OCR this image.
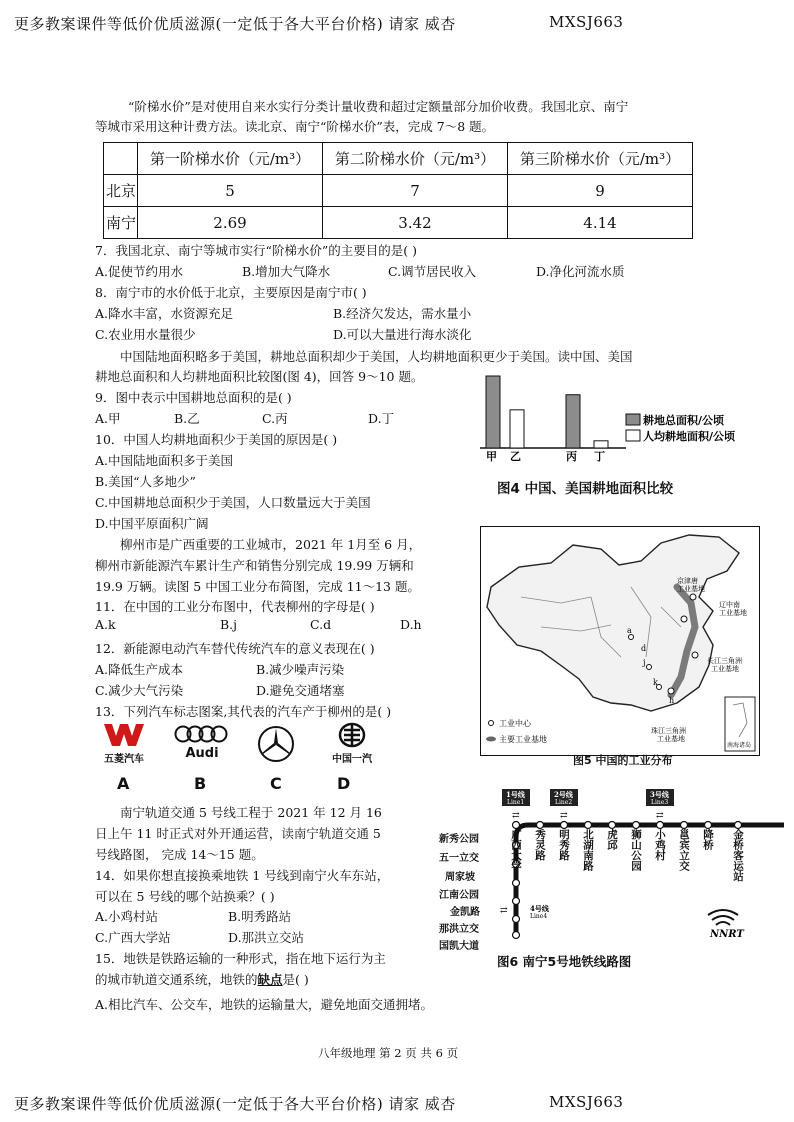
更多教案课件等低价优质滋源(一定低于各大平台价格) 请家 威杏	MXSJ663
“阶梯水价”是对使用自来水实行分类计量收费和超过定额量部分加价收费。我国北京、南宁
等城市采用这种计费方法。读北京、南宁“阶梯水价”表，完成 7～8 题。
	第一阶梯水价（元/m³）	第二阶梯水价（元/m³）	第三阶梯水价（元/m³）
北京	5	7	9
南宁	2.69	3.42	4.14
7．我国北京、南宁等城市实行“阶梯水价”的主要目的是( )
A.促使节约用水	B.增加大气降水	C.调节居民收入	D.净化河流水质
8．南宁市的水价低于北京，主要原因是南宁市( )
A.降水丰富，水资源充足	B.经济欠发达，需水量小
C.农业用水量很少	D.可以大量进行海水淡化
中国陆地面积略多于美国，耕地总面积却少于美国，人均耕地面积更少于美国。读中国、美国
耕地总面积和人均耕地面积比较图(图 4)，回答 9～10 题。
9．图中表示中国耕地总面积的是( )
A.甲	B.乙	C.丙	D.丁
10．中国人均耕地面积少于美国的原因是( )
A.中国陆地面积多于美国
B.美国“人多地少”
C.中国耕地总面积少于美国，人口数量远大于美国
D.中国平原面积广阔
甲 乙	丙 丁
耕地总面积/公顷
人均耕地面积/公顷
图4 中国、美国耕地面积比较
柳州市是广西重要的工业城市，2021 年 1月至 6 月，
柳州市新能源汽车累计生产和销售分别完成 19.99 万辆和
19.9 万辆。读图 5 中国工业分布简图，完成 11～13 题。
11．在中国的工业分布图中，代表柳州的字母是( )
A.k	B.j	C.d	D.h
12．新能源电动汽车替代传统汽车的意义表现在( )
A.降低生产成本	B.减少噪声污染
C.减少大气污染	D.避免交通堵塞
13．下列汽车标志图案,其代表的汽车产于柳州的是( )
五菱汽车	Audi	中国一汽
A	B	C	D
a
d
j
k
h
京津唐
工业基地
辽中南
工业基地
长江三角洲
工业基地
珠江三角洲
工业基地
南海诸岛
工业中心
主要工业基地
图5 中国的工业分布
南宁轨道交通 5 号线工程于 2021 年 12 月 16
日上午 11 时正式对外开通运营，读南宁轨道交通 5
号线路图， 完成 14～15 题。
14．如果你想直接换乘地铁 1 号线到南宁火车东站，
可以在 5 号线的哪个站换乘？( )
A.小鸡村站	B.明秀路站
C.广西大学站	D.那洪立交站
15．地铁是铁路运输的一种形式，指在地下运行为主
的城市轨道交通系统，地铁的缺点是( )
A.相比汽车、公交车，地铁的运输量大，避免地面交通拥堵。
1号线
Line1
2号线
Line2
3号线
Line3
⇄	⇄	⇄
⇄	4号线
Line4
NNRT
新秀公园
五一立交
周家坡
江南公园
金凯路
那洪立交
国凯大道
广西大学 秀灵路 明秀路 北湖南路 虎邱 狮山公园 小鸡村 邕宾立交 降桥 金桥客运站
图6 南宁5号地铁线路图
八年级地理 第 2 页 共 6 页
更多教案课件等低价优质滋源(一定低于各大平台价格) 请家 威杏	MXSJ663
